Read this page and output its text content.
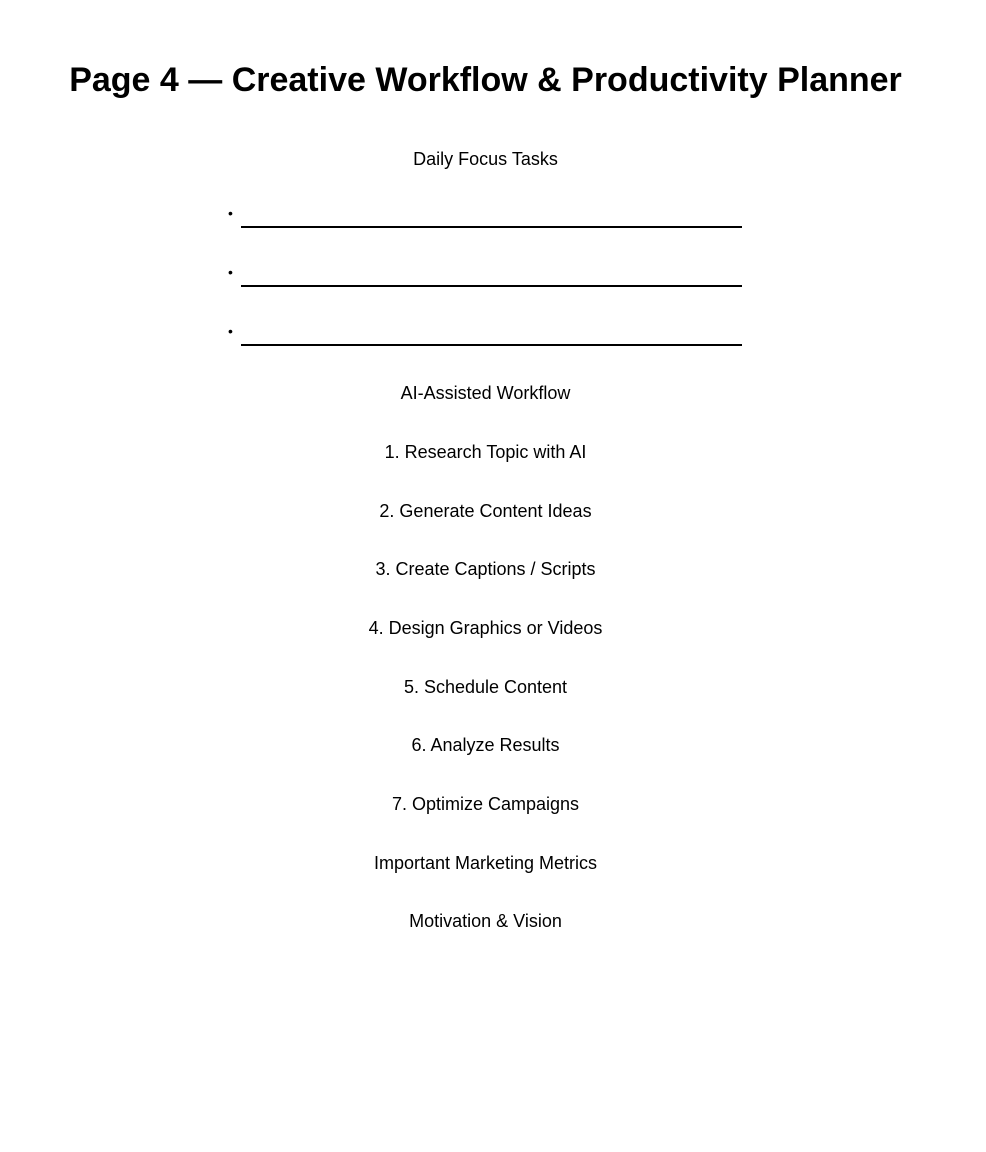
Page 4 — Creative Workflow & Productivity Planner
Daily Focus Tasks
•
•
•
AI-Assisted Workflow
1. Research Topic with AI
2. Generate Content Ideas
3. Create Captions / Scripts
4. Design Graphics or Videos
5. Schedule Content
6. Analyze Results
7. Optimize Campaigns
Important Marketing Metrics
Motivation & Vision
